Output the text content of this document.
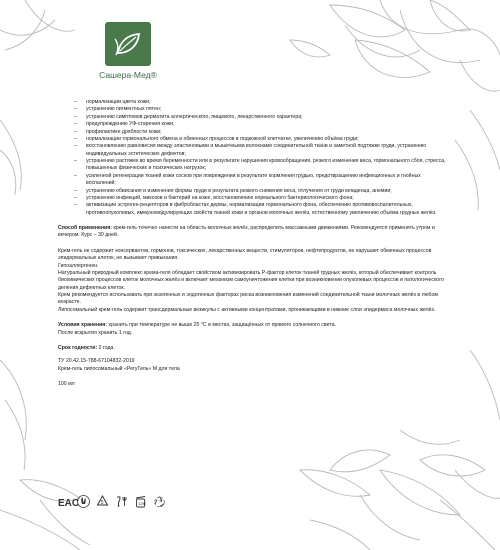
Сашера-Мед®
– нормализации цвета кожи;
– устранению пигментных пятен;
– устранению симптомов дерматита аллергического, пищевого, лекарственного характера;
– предупреждению УФ-старения кожи;
– профилактике дряблости кожи;
– нормализации гормонального обмена и обменных процессов в подкожной клетчатке, увеличению объёма груди;
– восстановлению равновесия между эластиновыми и мышечными волокнами соединительной ткани и заметной подтяжке груди, устранению индивидуальных эстетических дефектов;
– устранению растяжек во время беременности или в результате нарушения кровообращения, резкого изменения веса, гормонального сбоя, стресса, повышенных физических и психических нагрузок;
– усиленной регенерации тканей кожи сосков при повреждении в результате кормления грудью, предотвращению инфекционных и гнойных воспалений;
– устранению обвисания и изменения формы груди в результата резкого снижения веса, отлучения от груди младенца, анемии;
– устранению инфекций, микозов и бактерий на коже, восстановлению нормального бактериологического фона;
– активизации эстроген-рецепторов в фибробластах дермы, нормализации гормонального фона, обеспечению противовоспалительных, противоопухолевых, иммуномодулирующих свойств тканей кожи и органов молочных желёз, естественному увеличению объёма грудных желёз.
Способ применения: крем-гель точечно нанести на область молочных желёз, распределить массажными движениями. Рекомендуется применять утром и вечером. Курс – 30 дней.
Крем-гель не содержит консервантов, гормонов, токсических, лекарственных веществ, стимуляторов, нефтепродуктов, не нарушает обменных процессов эпидермальных клеток, не вызывает привыкания.
Гипоаллергенен.
Натуральный природный комплекс крема-геля обладает свойством активизировать Р-фактор клеток тканей грудных желёз, который обеспечивает контроль биохимических процессов клеток молочных желёз и включает механизм самоуничтожения клетки при возникновении опухолевых процессов и патологического деления дефектных клеток.
Крем рекомендуется использовать при экзогенных и эндогенных факторах риска возникновения изменений соединительной ткани молочных желёз в любом возрасте.
Липосомальный крем-гель содержит трансдермальные везикулы с активными концентратами, проникающими в нижние слои эпидермиса молочных желёз.
Условия хранения: хранить при температуре не выше 25 °С в местах, защищённых от прямого солнечного света.
После вскрытия хранить 1 год.
Срок годности: 2 года.
ТУ 20.42.15-788-67104832-2019
Крем-гель липосомальный «РегуГель» М для тела
100 мл
EAC	5	12M
